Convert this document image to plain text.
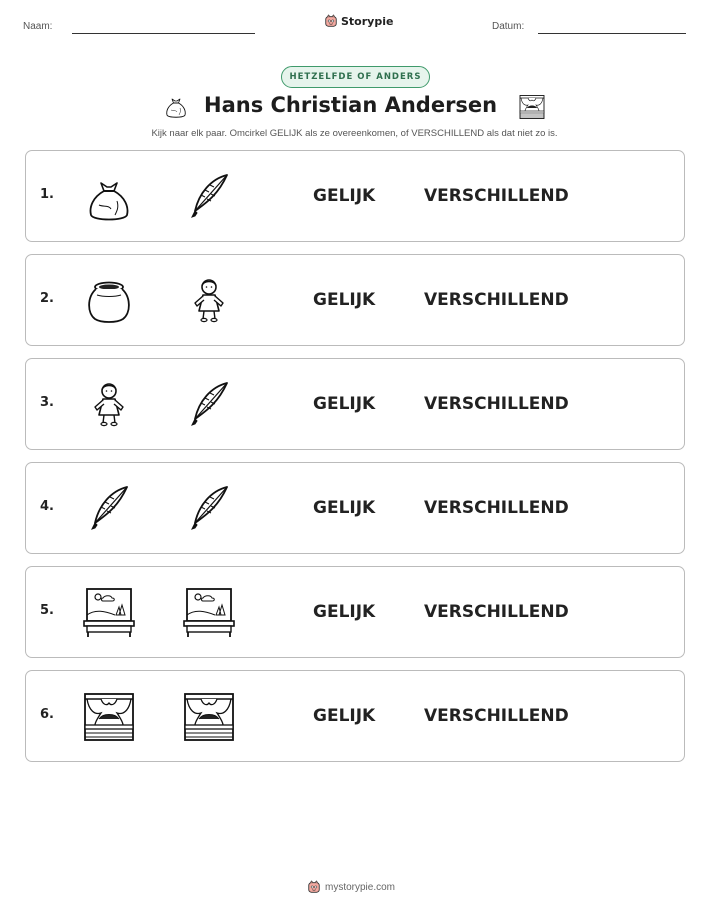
Naam:	Storypie	Datum:
HETZELFDE OF ANDERS
Hans Christian Andersen
Kijk naar elk paar. Omcirkel GELIJK als ze overeenkomen, of VERSCHILLEND als dat niet zo is.
1.	GELIJK	VERSCHILLEND
2.	GELIJK	VERSCHILLEND
3.	GELIJK	VERSCHILLEND
4.	GELIJK	VERSCHILLEND
5.	GELIJK	VERSCHILLEND
6.	GELIJK	VERSCHILLEND
mystorypie.com
